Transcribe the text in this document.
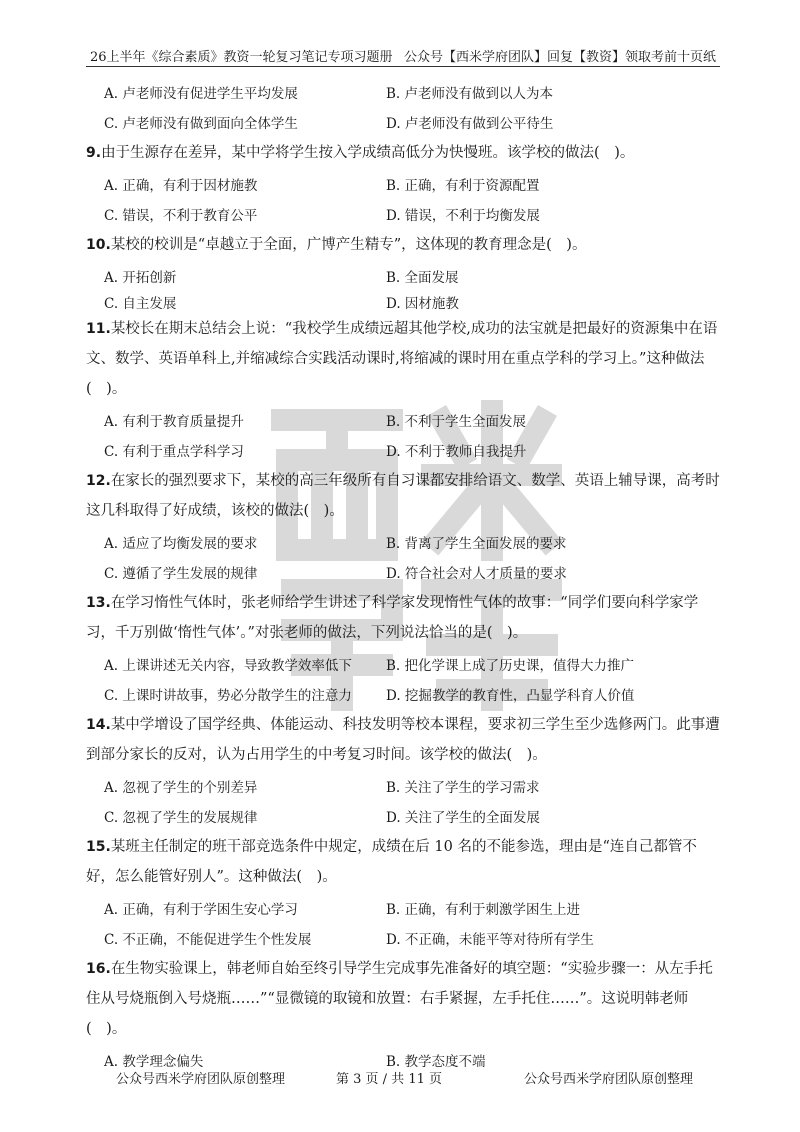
26上半年《综合素质》教资一轮复习笔记专项习题册 公众号【西米学府团队】回复【教资】领取考前十页纸
A. 卢老师没有促进学生平均发展	B. 卢老师没有做到以人为本
C. 卢老师没有做到面向全体学生	D. 卢老师没有做到公平待生

9.由于生源存在差异，某中学将学生按入学成绩高低分为快慢班。该学校的做法(　)。

A. 正确，有利于因材施教	B. 正确，有利于资源配置
C. 错误，不利于教育公平	D. 错误，不利于均衡发展

10.某校的校训是“卓越立于全面，广博产生精专”，这体现的教育理念是(　)。

A. 开拓创新	B. 全面发展
C. 自主发展	D. 因材施教

11.某校长在期末总结会上说：“我校学生成绩远超其他学校,成功的法宝就是把最好的资源集中在语文、数学、英语单科上,并缩减综合实践活动课时,将缩减的课时用在重点学科的学习上。”这种做法(　)。

A. 有利于教育质量提升	B. 不利于学生全面发展
C. 有利于重点学科学习	D. 不利于教师自我提升

12.在家长的强烈要求下，某校的高三年级所有自习课都安排给语文、数学、英语上辅导课，高考时这几科取得了好成绩，该校的做法(　)。

A. 适应了均衡发展的要求	B. 背离了学生全面发展的要求
C. 遵循了学生发展的规律	D. 符合社会对人才质量的要求

13.在学习惰性气体时，张老师给学生讲述了科学家发现惰性气体的故事：“同学们要向科学家学习，千万别做‘惰性气体’。”对张老师的做法，下列说法恰当的是(　)。

A. 上课讲述无关内容，导致教学效率低下	B. 把化学课上成了历史课，值得大力推广
C. 上课时讲故事，势必分散学生的注意力	D. 挖掘教学的教育性，凸显学科育人价值

14.某中学增设了国学经典、体能运动、科技发明等校本课程，要求初三学生至少选修两门。此事遭到部分家长的反对，认为占用学生的中考复习时间。该学校的做法(　)。

A. 忽视了学生的个别差异	B. 关注了学生的学习需求
C. 忽视了学生的发展规律	D. 关注了学生的全面发展

15.某班主任制定的班干部竞选条件中规定，成绩在后 10 名的不能参选，理由是“连自己都管不好，怎么能管好别人”。这种做法(　)。

A. 正确，有利于学困生安心学习	B. 正确，有利于刺激学困生上进
C. 不正确，不能促进学生个性发展	D. 不正确，未能平等对待所有学生

16.在生物实验课上，韩老师自始至终引导学生完成事先准备好的填空题：“实验步骤一：从左手托住从号烧瓶倒入号烧瓶……”“显微镜的取镜和放置：右手紧握，左手托住……”。这说明韩老师(　)。

A. 教学理念偏失	B. 教学态度不端
公众号西米学府团队原创整理	第 3 页 / 共 11 页	公众号西米学府团队原创整理
